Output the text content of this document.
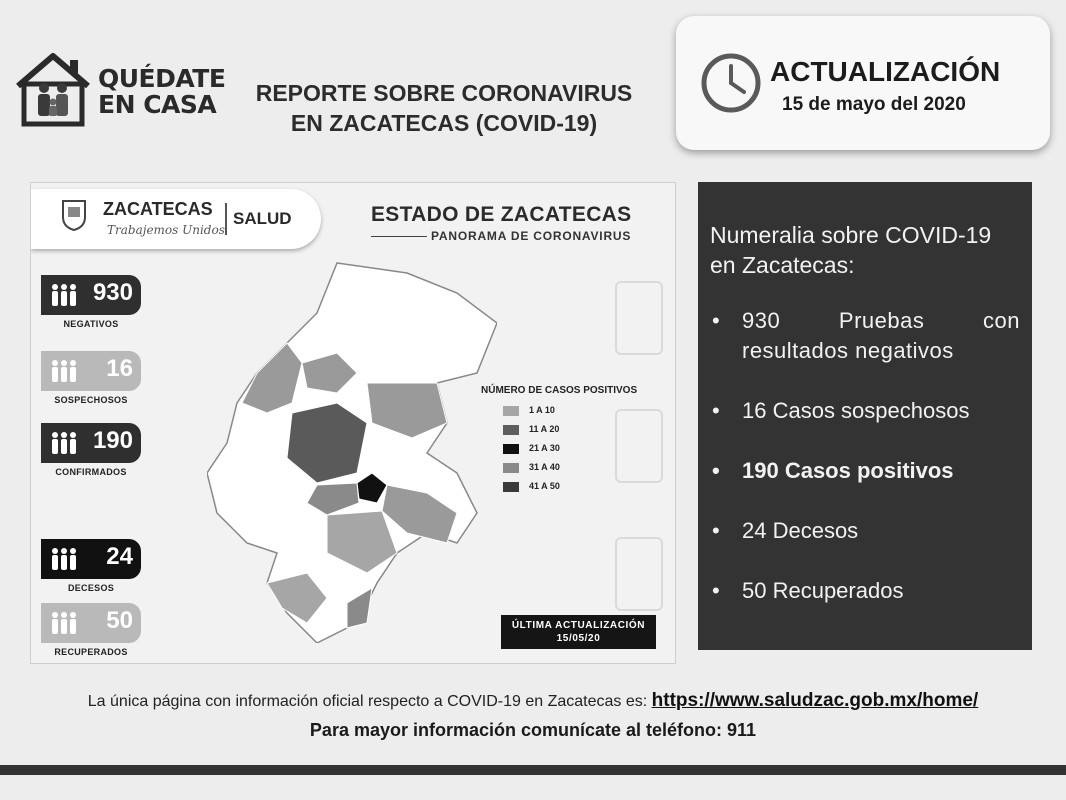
QUÉDATE
EN CASA	REPORTE SOBRE CORONAVIRUS
EN ZACATECAS (COVID-19)
ACTUALIZACIÓN
15 de mayo del 2020
ZACATECAS
Trabajemos Unidos
SALUD	ESTADO DE ZACATECAS
PANORAMA DE CORONAVIRUS
930
NEGATIVOS
16
SOSPECHOSOS
190
CONFIRMADOS
24
DECESOS
50
RECUPERADOS
NÚMERO DE CASOS POSITIVOS
1 A 10
11 A 20
21 A 30
31 A 40
41 A 50
ÚLTIMA ACTUALIZACIÓN
15/05/20
Numeralia sobre COVID-19 en Zacatecas:
• 930 Pruebas con resultados negativos
• 16 Casos sospechosos
• 190 Casos positivos
• 24 Decesos
• 50 Recuperados
La única página con información oficial respecto a COVID-19 en Zacatecas es: https://www.saludzac.gob.mx/home/
Para mayor información comunícate al teléfono: 911
